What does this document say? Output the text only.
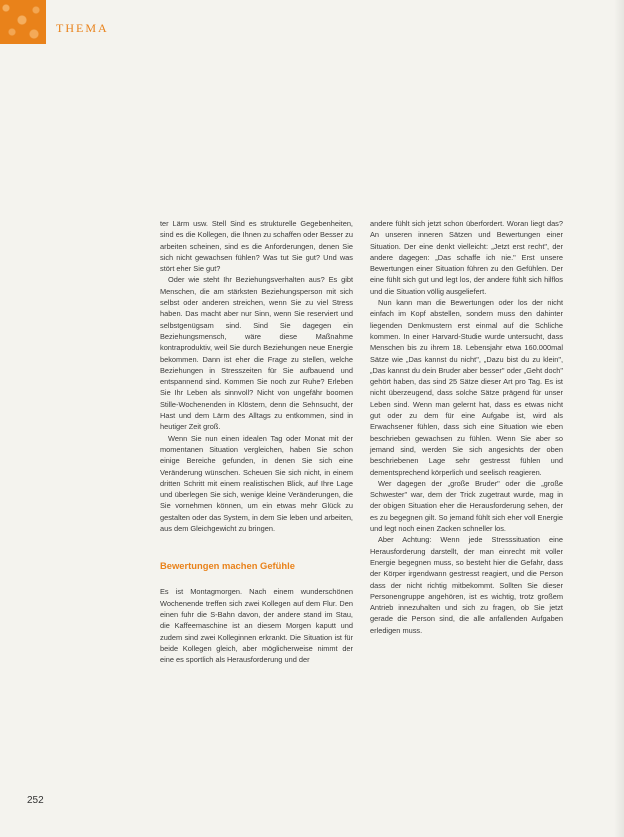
THEMA

ter Lärm usw. Stell Sind es strukturelle Gegebenheiten, sind es die Kollegen, die Ihnen zu schaffen oder Besser zu arbeiten scheinen, sind es die Anforderungen, denen Sie sich nicht gewachsen fühlen? Was tut Sie gut? Und was stört eher Sie gut?

Oder wie steht Ihr Beziehungsverhalten aus? Es gibt Menschen, die am stärksten Beziehungsperson mit sich selbst oder anderen streichen, wenn Sie zu viel Stress haben. Das macht aber nur Sinn, wenn Sie reserviert und selbstgenügsam sind. Sind Sie dagegen ein Beziehungsmensch, wäre diese Maßnahme kontraproduktiv, weil Sie durch Beziehungen neue Energie bekommen. Dann ist eher die Frage zu stellen, welche Beziehungen in Stresszeiten für Sie aufbauend und entspannend sind. Kommen Sie noch zur Ruhe? Erleben Sie Ihr Leben als sinnvoll? Nicht von ungefähr boomen Stille-Wochenenden in Klöstern, denn die Sehnsucht, der Hast und dem Lärm des Alltags zu entkommen, sind in heutiger Zeit groß.

Wenn Sie nun einen idealen Tag oder Monat mit der momentanen Situation vergleichen, haben Sie schon einige Bereiche gefunden, in denen Sie sich eine Veränderung wünschen. Scheuen Sie sich nicht, in einem dritten Schritt mit einem realistischen Blick, auf Ihre Lage und überlegen Sie sich, wenige kleine Veränderungen, die Sie vornehmen können, um ein etwas mehr Glück zu gestalten oder das System, in dem Sie leben und arbeiten, aus dem Gleichgewicht zu bringen.

Bewertungen machen Gefühle

Es ist Montagmorgen. Nach einem wunderschönen Wochenende treffen sich zwei Kollegen auf dem Flur. Den einen fuhr die S-Bahn davon, der andere stand im Stau, die Kaffeemaschine ist an diesem Morgen kaputt und zudem sind zwei Kolleginnen erkrankt. Die Situation ist für beide Kollegen gleich, aber möglicherweise nimmt der eine es sportlich als Herausforderung und der

andere fühlt sich jetzt schon überfordert. Woran liegt das? An unseren inneren Sätzen und Bewertungen einer Situation. Der eine denkt vielleicht: „Jetzt erst recht", der andere dagegen: „Das schaffe ich nie." Erst unsere Bewertungen einer Situation führen zu den Gefühlen. Der eine fühlt sich gut und legt los, der andere fühlt sich hilflos und die Situation völlig ausgeliefert.

Nun kann man die Bewertungen oder los der nicht einfach im Kopf abstellen, sondern muss den dahinter liegenden Denkmustern erst einmal auf die Schliche kommen. In einer Harvard-Studie wurde untersucht, dass Menschen bis zu ihrem 18. Lebensjahr etwa 160.000mal Sätze wie „Das kannst du nicht", „Dazu bist du zu klein", „Das kannst du dein Bruder aber besser" oder „Geht doch" gehört haben, das sind 25 Sätze dieser Art pro Tag. Es ist nicht überzeugend, dass solche Sätze prägend für unser Leben sind. Wenn man gelernt hat, dass es etwas nicht gut oder zu dem für eine Aufgabe ist, wird als Erwachsener fühlen, dass sich eine Situation wie eben beschrieben gewachsen zu fühlen. Wenn Sie aber so jemand sind, werden Sie sich angesichts der oben beschriebenen Lage sehr gestresst fühlen und dementsprechend körperlich und seelisch reagieren.

Wer dagegen der „große Bruder" oder die „große Schwester" war, dem der Trick zugetraut wurde, mag in der obigen Situation eher die Herausforderung sehen, der es zu begegnen gilt. So jemand fühlt sich eher voll Energie und legt noch einen Zacken schneller los.

Aber Achtung: Wenn jede Stresssituation eine Herausforderung darstellt, der man einrecht mit voller Energie begegnen muss, so besteht hier die Gefahr, dass der Körper irgendwann gestresst reagiert, und die Person dass der nicht richtig mitbekommt. Sollten Sie dieser Personengruppe angehören, ist es wichtig, trotz großem Antrieb innezuhalten und sich zu fragen, ob Sie jetzt gerade die Person sind, die alle anfallenden Aufgaben erledigen muss.

252
